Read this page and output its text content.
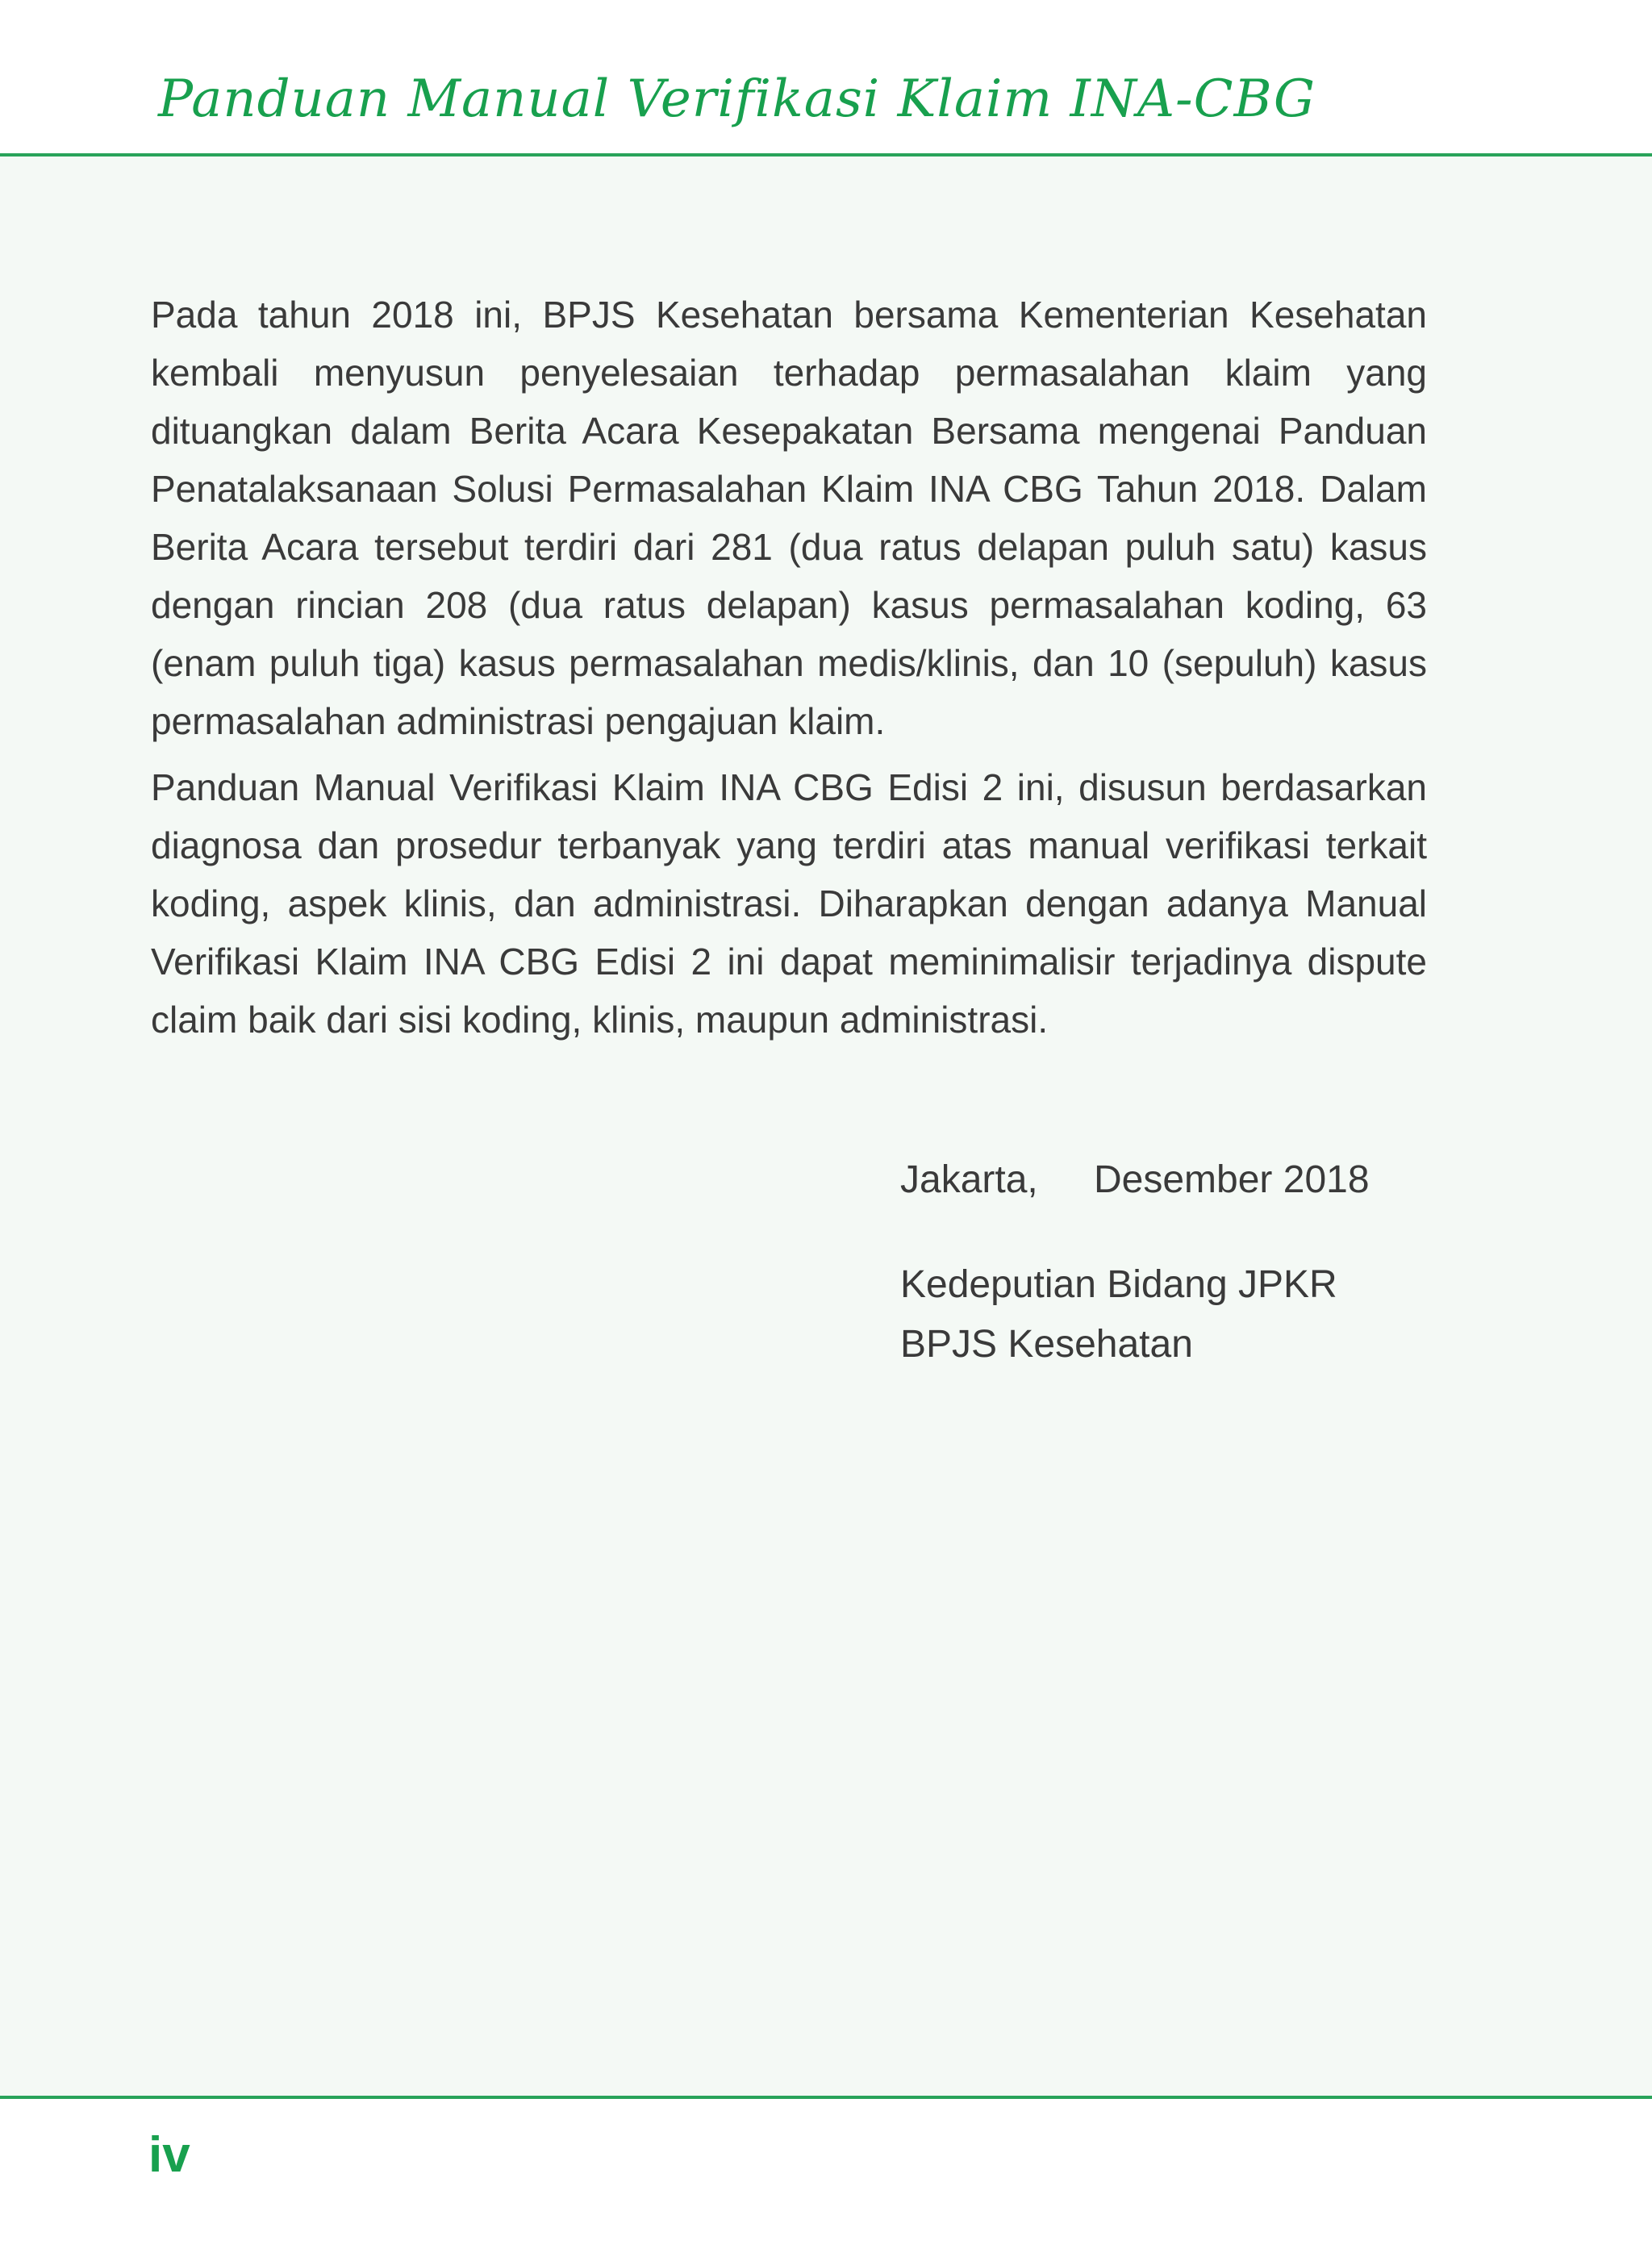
Panduan Manual Verifikasi Klaim INA-CBG

Pada tahun 2018 ini, BPJS Kesehatan bersama Kementerian Kesehatan kembali menyusun penyelesaian terhadap permasalahan klaim yang dituangkan dalam Berita Acara Kesepakatan Bersama mengenai Panduan Penatalaksanaan Solusi Permasalahan Klaim INA CBG Tahun 2018. Dalam Berita Acara tersebut terdiri dari 281 (dua ratus delapan puluh satu) kasus dengan rincian 208 (dua ratus delapan) kasus permasalahan koding, 63 (enam puluh tiga) kasus permasalahan medis/klinis, dan 10 (sepuluh) kasus permasalahan administrasi pengajuan klaim.

Panduan Manual Verifikasi Klaim INA CBG Edisi 2 ini, disusun berdasarkan diagnosa dan prosedur terbanyak yang terdiri atas manual verifikasi terkait koding, aspek klinis, dan administrasi. Diharapkan dengan adanya Manual Verifikasi Klaim INA CBG Edisi 2 ini dapat meminimalisir terjadinya dispute claim baik dari sisi koding, klinis, maupun administrasi.

Jakarta, Desember 2018
Kedeputian Bidang JPKR
BPJS Kesehatan
iv
